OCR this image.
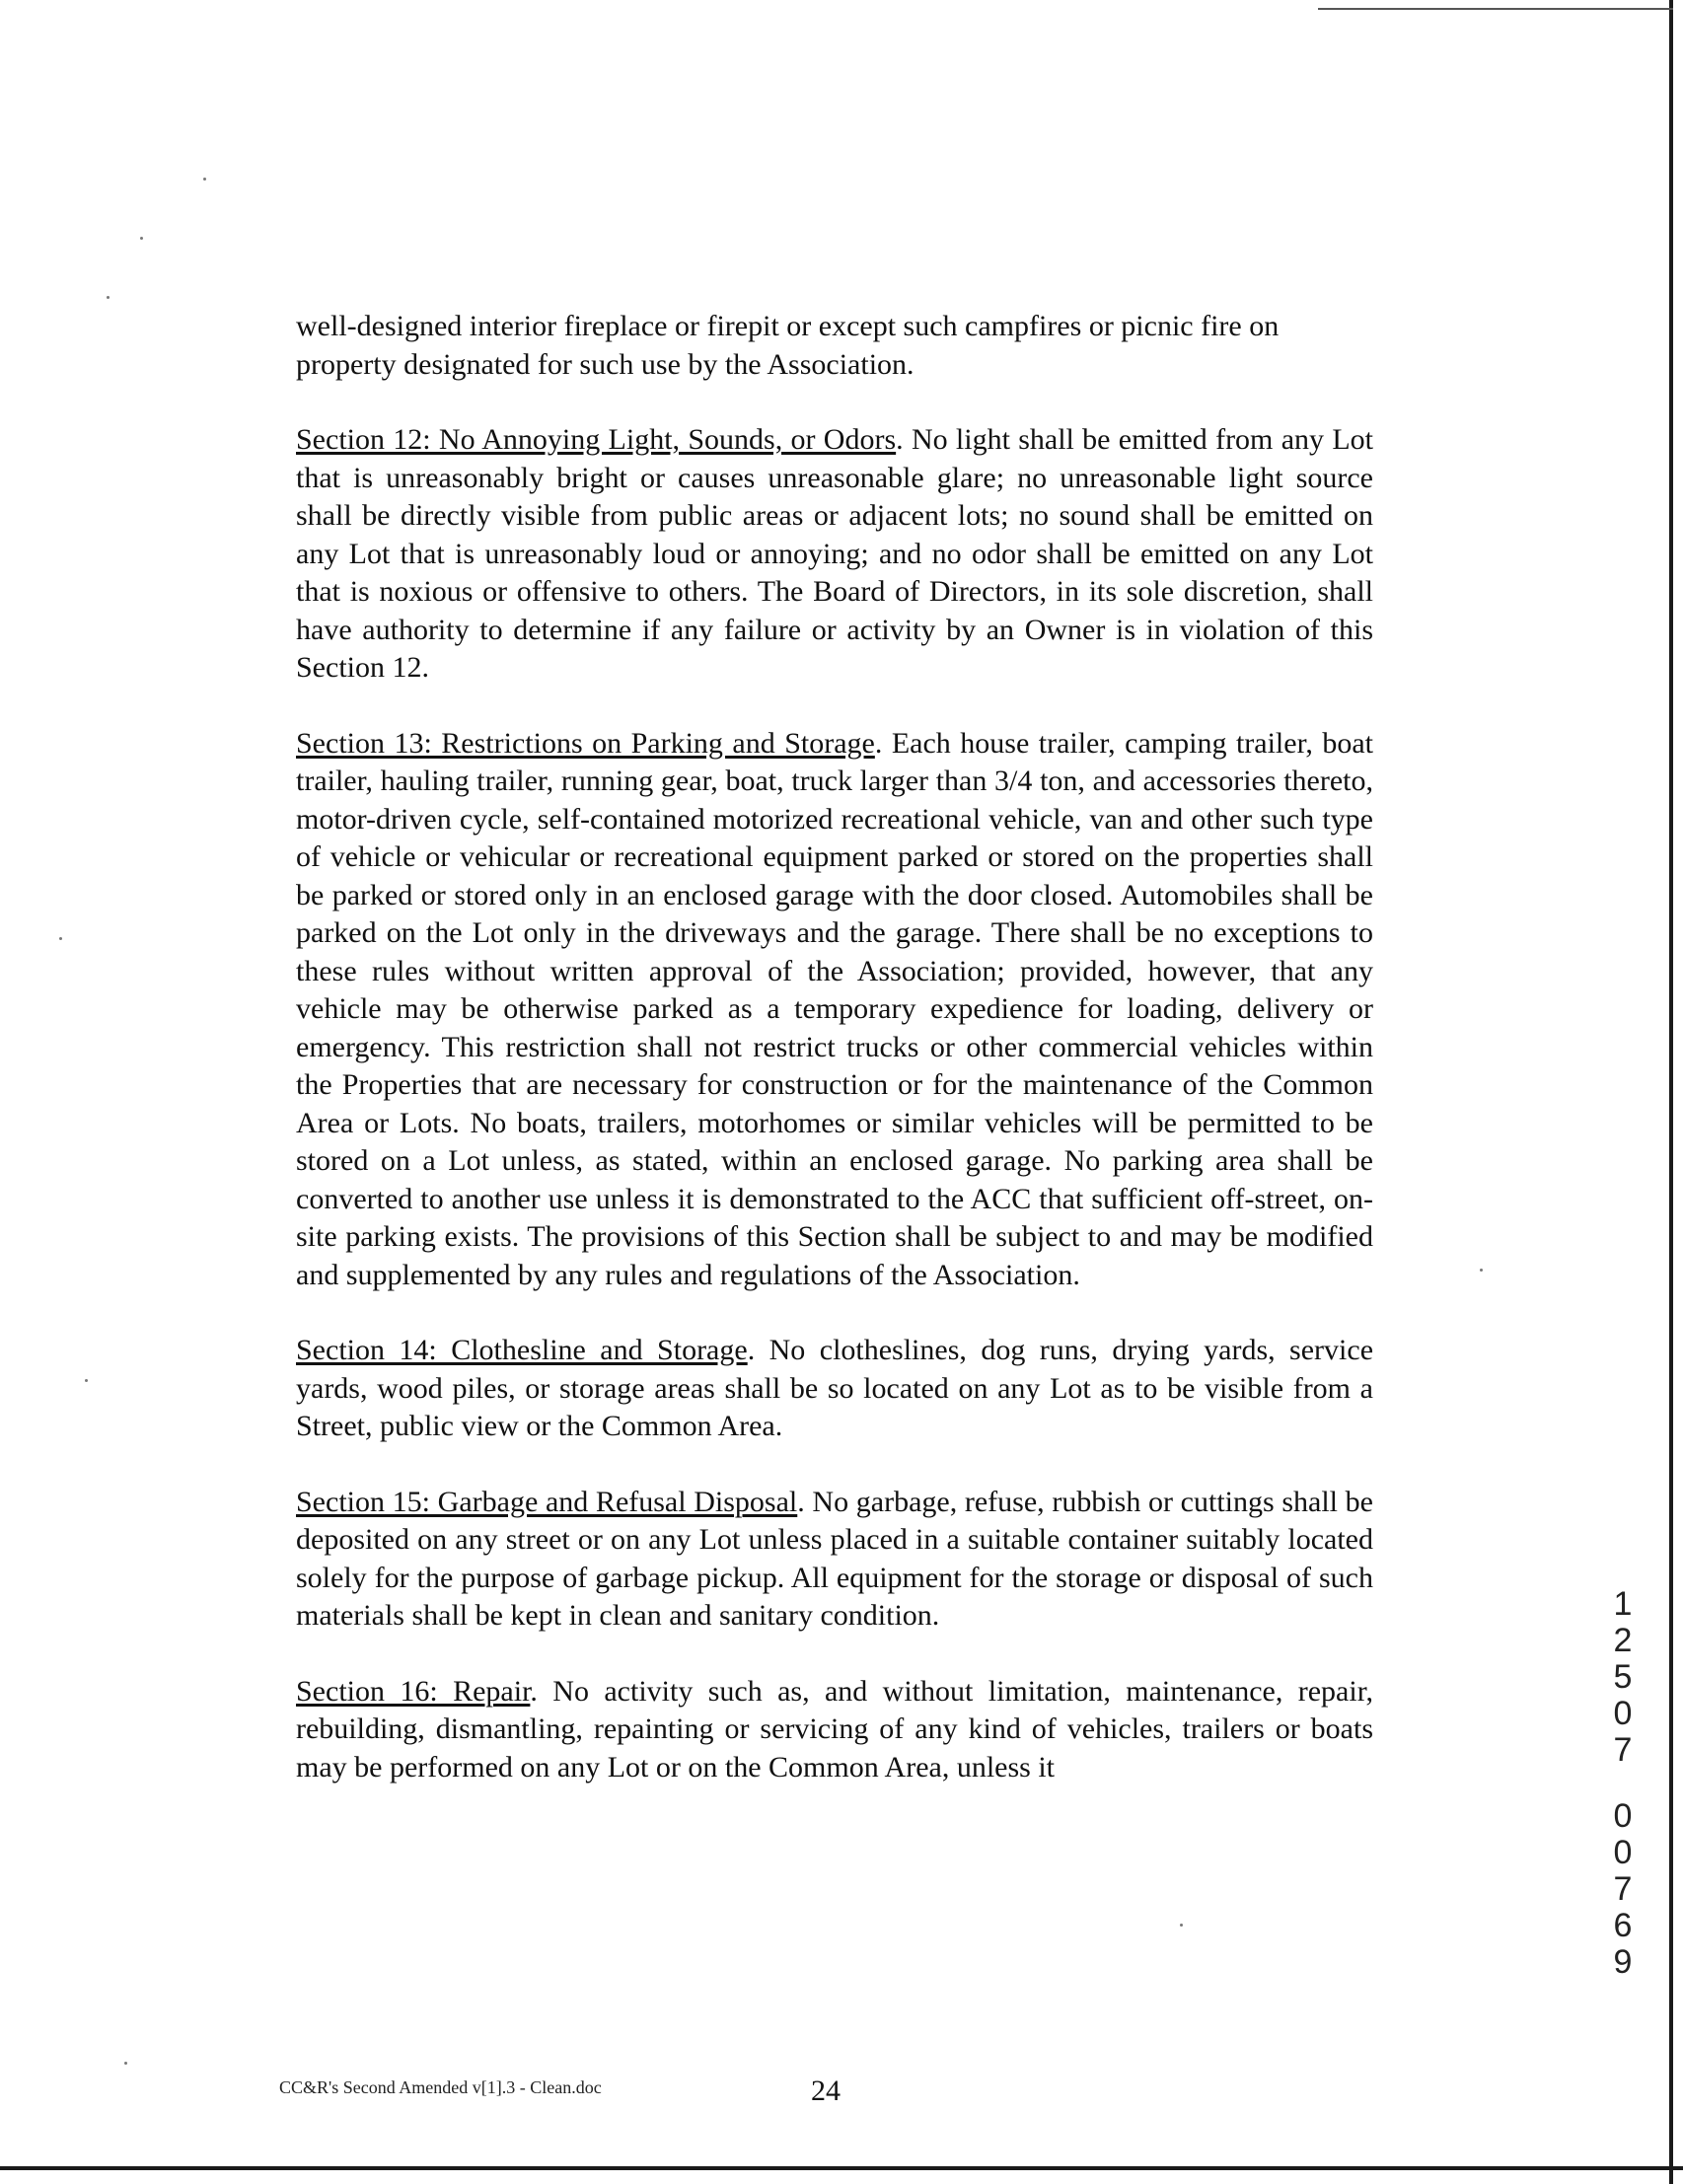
well-designed interior fireplace or firepit or except such campfires or picnic fire on property designated for such use by the Association.

Section 12: No Annoying Light, Sounds, or Odors. No light shall be emitted from any Lot that is unreasonably bright or causes unreasonable glare; no unreasonable light source shall be directly visible from public areas or adjacent lots; no sound shall be emitted on any Lot that is unreasonably loud or annoying; and no odor shall be emitted on any Lot that is noxious or offensive to others. The Board of Directors, in its sole discretion, shall have authority to determine if any failure or activity by an Owner is in violation of this Section 12.

Section 13: Restrictions on Parking and Storage. Each house trailer, camping trailer, boat trailer, hauling trailer, running gear, boat, truck larger than 3/4 ton, and accessories thereto, motor-driven cycle, self-contained motorized recreational vehicle, van and other such type of vehicle or vehicular or recreational equipment parked or stored on the properties shall be parked or stored only in an enclosed garage with the door closed. Automobiles shall be parked on the Lot only in the driveways and the garage. There shall be no exceptions to these rules without written approval of the Association; provided, however, that any vehicle may be otherwise parked as a temporary expedience for loading, delivery or emergency. This restriction shall not restrict trucks or other commercial vehicles within the Properties that are necessary for construction or for the maintenance of the Common Area or Lots. No boats, trailers, motorhomes or similar vehicles will be permitted to be stored on a Lot unless, as stated, within an enclosed garage. No parking area shall be converted to another use unless it is demonstrated to the ACC that sufficient off-street, on-site parking exists. The provisions of this Section shall be subject to and may be modified and supplemented by any rules and regulations of the Association.

Section 14: Clothesline and Storage. No clotheslines, dog runs, drying yards, service yards, wood piles, or storage areas shall be so located on any Lot as to be visible from a Street, public view or the Common Area.

Section 15: Garbage and Refusal Disposal. No garbage, refuse, rubbish or cuttings shall be deposited on any street or on any Lot unless placed in a suitable container suitably located solely for the purpose of garbage pickup. All equipment for the storage or disposal of such materials shall be kept in clean and sanitary condition.

Section 16: Repair. No activity such as, and without limitation, maintenance, repair, rebuilding, dismantling, repainting or servicing of any kind of vehicles, trailers or boats may be performed on any Lot or on the Common Area, unless it

1
2
5
0
7
0
0
7
6
9
CC&R's Second Amended v[1].3 - Clean.doc	24
